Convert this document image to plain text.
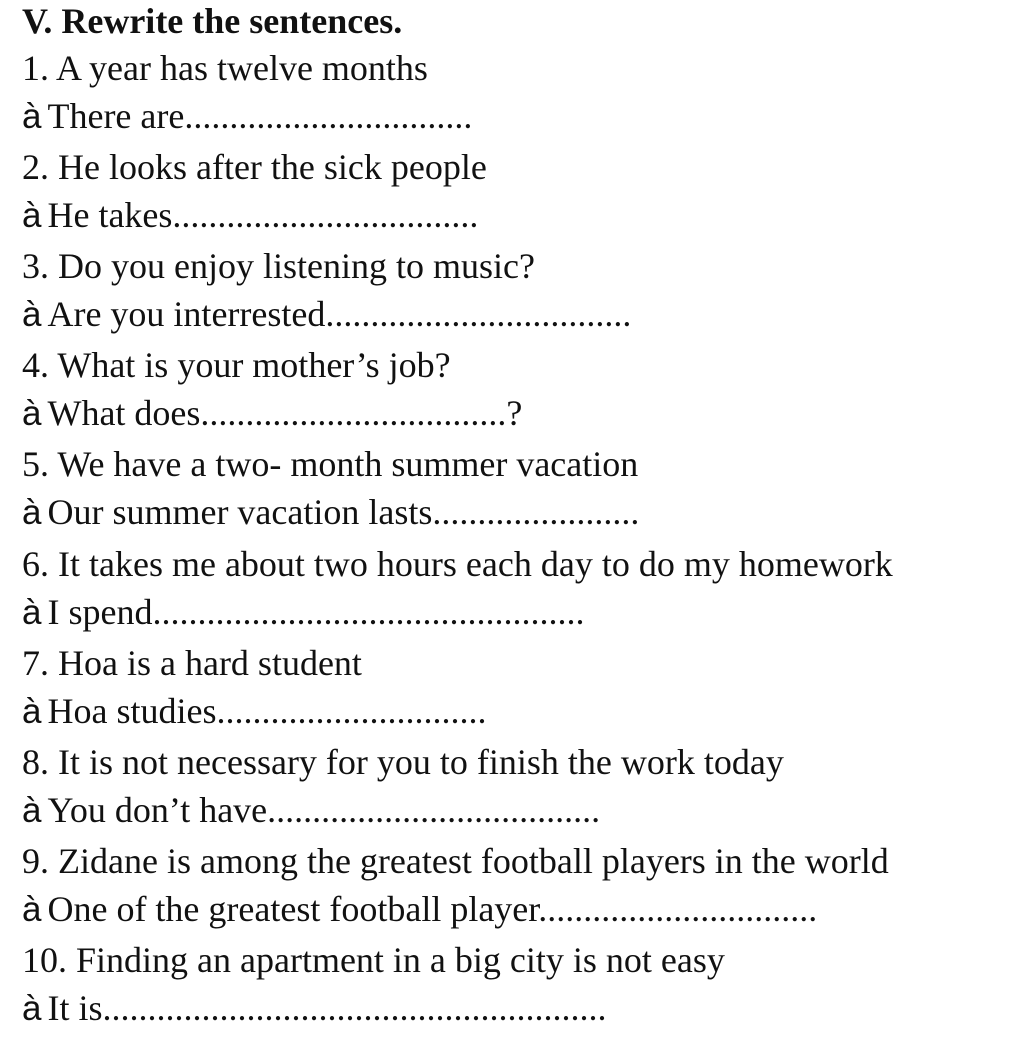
V. Rewrite the sentences.
1. A year has twelve months
à There are................................
2. He looks after the sick people
à He takes..................................
3. Do you enjoy listening to music?
à Are you interrested..................................
4. What is your mother’s job?
à What does..................................?
5. We have a two- month summer vacation
à Our summer vacation lasts.......................
6. It takes me about two hours each day to do my homework
à I spend................................................
7. Hoa is a hard student
à Hoa studies..............................
8. It is not necessary for you to finish the work today
à You don’t have.....................................
9. Zidane is among the greatest football players in the world
à One of the greatest football player...............................
10. Finding an apartment in a big city is not easy
à It is........................................................
